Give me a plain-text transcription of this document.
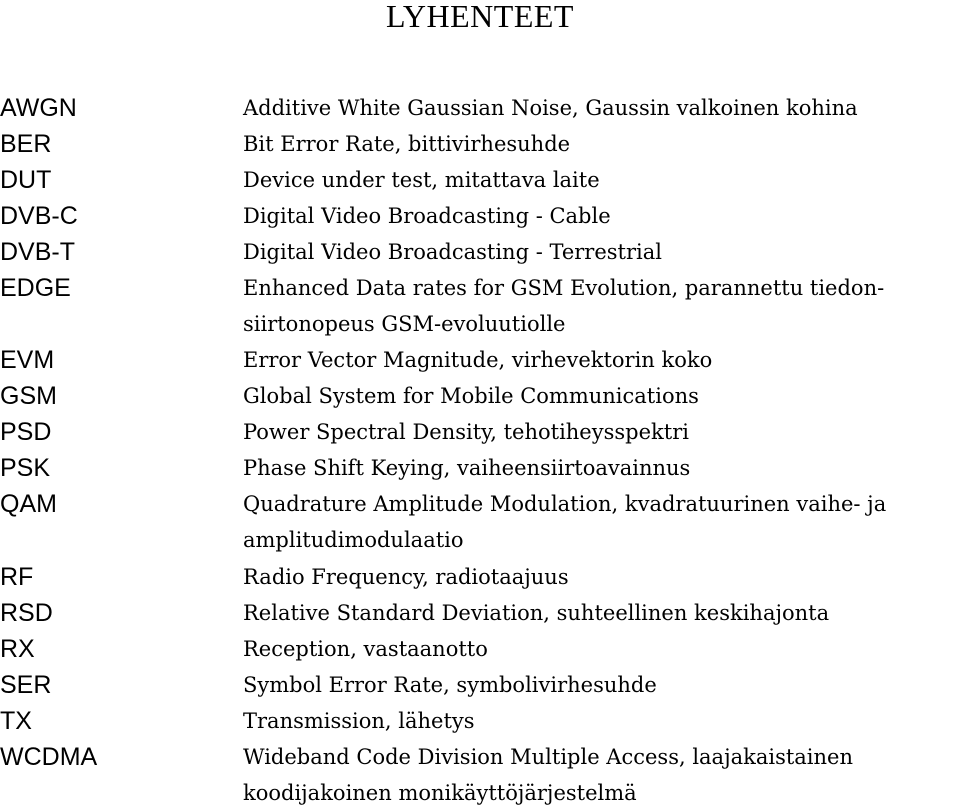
LYHENTEET
AWGN	Additive White Gaussian Noise, Gaussin valkoinen kohina
BER	Bit Error Rate, bittivirhesuhde
DUT	Device under test, mitattava laite
DVB-C	Digital Video Broadcasting - Cable
DVB-T	Digital Video Broadcasting - Terrestrial
EDGE	Enhanced Data rates for GSM Evolution, parannettu tiedon-
siirtonopeus GSM-evoluutiolle
EVM	Error Vector Magnitude, virhevektorin koko
GSM	Global System for Mobile Communications
PSD	Power Spectral Density, tehotiheysspektri
PSK	Phase Shift Keying, vaiheensiirtoavainnus
QAM	Quadrature Amplitude Modulation, kvadratuurinen vaihe- ja
amplitudimodulaatio
RF	Radio Frequency, radiotaajuus
RSD	Relative Standard Deviation, suhteellinen keskihajonta
RX	Reception, vastaanotto
SER	Symbol Error Rate, symbolivirhesuhde
TX	Transmission, lähetys
WCDMA	Wideband Code Division Multiple Access, laajakaistainen
koodijakoinen monikäyttöjärjestelmä
